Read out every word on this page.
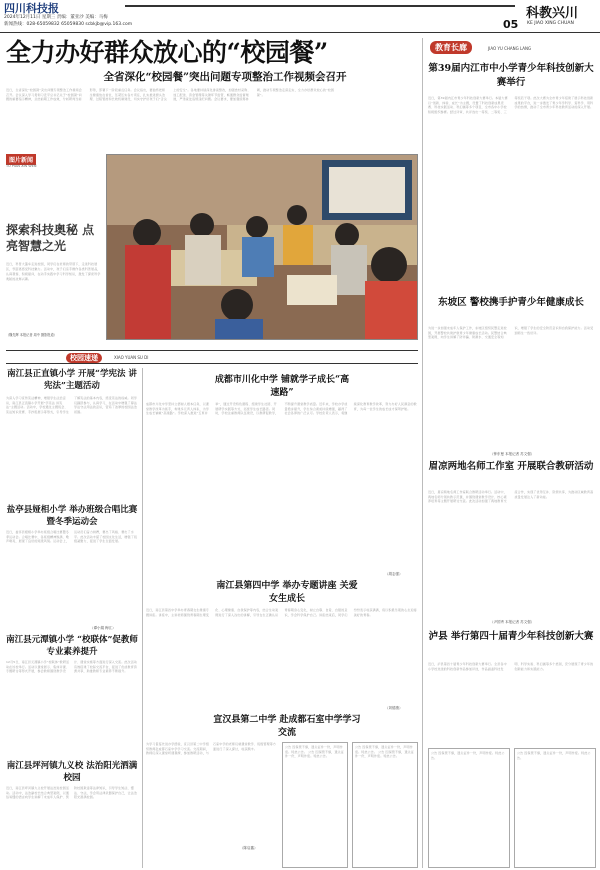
四川科技报
2024年12月11日 星期三 责编：董亚沙 美编：马梅
新闻热线：028-65059832 65059830 scbkjb@vip.163.com	05
科教兴川
KE JIAO XING CHUAN
全力办好群众放心的“校园餐”
全省深化“校园餐”突出问题专项整治工作视频会召开
近日，全省深化“校园餐”突出问题专项整治工作视频会召开。会议深入学习贯彻习近平总书记关于“校园餐”问题的重要指示精神，总结前期工作成效，分析研判当前形势，部署下一阶段重点任务。会议指出，要始终把师生健康放在首位，压紧压实各方责任，扎实推进源头治理、过程管控和长效机制建设，切实守护好孩子们“舌尖上的安全”。各地要持续深化排查整改，加强食材采购、加工配送、资金管理等关键环节监管，畅通群众监督渠道，严肃查处违规违纪问题。会议要求，要加强统筹协调，推动专项整治走深走实，全力办好群众放心的“校园餐”。
图片新闻
TU PIAN XIN WEN
探索科技奥秘 点亮智慧之光
近日，科普大篷车走进校园，同学们在老师的带领下，走进科技展区，零距离感受科技魅力。活动中，孩子们亲手操作各类科普展品，认真观察、积极提问，在动手实践中学习科学知识，激发了探索科学奥秘的浓厚兴趣。
（魏先辉 本报记者 周中 摄影报道）
校园速递	XIAO YUAN SU DI
南江县正直镇小学 开展“学宪法 讲宪法”主题活动
为深入学习宣传宪法精神，增强学生法治意识，南江县正直镇小学开展“学宪法 讲宪法”主题活动。活动中，学校通过主题班会、宪法知识竞赛、手抄报展示等形式，引导学生了解宪法的基本内容，感受宪法的权威。同学们踊跃参与，认真学习，在活动中增强了尊法学法守法用法的意识，营造了浓厚的校园法治氛围。
盐亭县娅相小学 举办班级合唱比赛暨冬季运动会
近日，盐亭县娅相小学举办班级合唱比赛暨冬季运动会。合唱比赛中，各班级精神饱满、歌声嘹亮，展现了良好的班级风貌。运动会上，运动员们奋力拼搏，赛出了风格、赛出了水平。此次活动丰富了校园文化生活，增强了班级凝聚力，促进了学生全面发展。
（谭小娟 梅江）
南江县元潭镇小学 “校联体”促教师专业素养提升
12月5日，南江县元潭镇小学“校联体”教研活动在该校举行。活动以课堂展示、集体评课、专题研讨等形式开展，参会教师围绕教学设计、课堂实施等方面进行深入交流。此次活动有效搭建了校际交流平台，促进了优质教育资源共享，助推教师专业素养不断提升。
南江县坪河镇九义校 法治阳光洒满校园
近日，南江县坪河镇九义校开展法治进校园活动。活动中，法治副校长结合典型案例，以通俗易懂的语言向学生讲解了未成年人保护、预防校园欺凌等法律知识，引导学生知法、懂法、守法，学会用法律武器保护自己，让法治阳光洒满校园。
成都市川化中学 铺就学子成长“高速路”
成都市川化中学坚持立德树人根本任务，以课堂教学改革为抓手，构建多元育人体系，为学生成长铺就“高速路”。学校深入推进“五育并举”，通过开设特色课程、组建学生社团、开展研学实践等方式，拓宽学生成长路径。同时，学校注重教师队伍建设，以教研促教学，不断提升课堂教学质量。近年来，学校办学质量稳步提升，学生综合素质持续增强，赢得了社会各界的广泛认可。学校负责人表示，将继续深化教育教学改革，努力办好人民满意的教育，为每一位学生的成长成才保驾护航。
（胡志强）
南江县第四中学 举办专题讲座 关爱女生成长
近日，南江县第四中学举办青春期女生健康专题讲座。讲座中，主讲老师围绕青春期生理变化、心理健康、自我保护等内容，结合生动案例进行了深入浅出的讲解，引导女生正确认识青春期身心变化，树立自尊、自爱、自强的意识，学会科学保护自己。讲座结束后，同学们纷纷表示收获满满，将以积极乐观的心态迎接美好的青春。
（刘德康）
宣汉县第二中学 赴成都石室中学学习交流
为学习借鉴先进办学经验，宣汉县第二中学组织教师赴成都石室中学学习交流。交流期间，教师们深入课堂听课观摩，参加教研活动，与石室中学的老师们就课堂教学、班级管理等方面进行了深入探讨，收获颇丰。
（陈启鑫）
公告 因保管不慎，遗失证件一份，声明作废。特此公告。 公告 因保管不慎，遗失证件一份，声明作废。特此公告。
公告 因保管不慎，遗失证件一份，声明作废。特此公告。 公告 因保管不慎，遗失证件一份，声明作废。特此公告。
教育长廊	JIAO YU CHANG LANG
第39届内江市中小学青少年科技创新大赛举行
近日，第39届内江市青少年科技创新大赛举行。本届大赛以“创新、体验、成长”为主题，设置了科技创新成果竞赛、科技实践活动、科幻画等多个项目，全市各中小学校积极组织参赛。经过评审，共评选出一等奖、二等奖、三等奖若干项。此次大赛为全市青少年搭建了展示科技创新成果的平台，进一步激发了青少年学科学、爱科学、用科学的热情，推动了全市青少年科技教育活动的深入开展。
东坡区 警校携手护青少年健康成长
为进一步加强未成年人保护工作，东坡区组织民警走进校园，开展警校共建护航青少年健康成长活动。民警结合典型案例，向学生讲解了防诈骗、防溺水、交通安全等知识，增强了学生的安全防范意识和自我保护能力。活动受到师生一致好评。
（钟东曼 本报记者 苏文强）
眉凉两地名师工作室 开展联合教研活动
近日，眉凉两地名师工作室联合教研活动举行。活动中，两地名师分别执教示范课，并围绕课堂教学设计、核心素养培育等主题开展研讨交流。此次活动加强了两地教育交流合作，实现了优势互补、资源共享，为推动区域教育高质量发展注入了新动能。
（尹国秀 本报记者 苏文强）
泸县 举行第四十届青少年科技创新大赛
近日，泸县第四十届青少年科技创新大赛举行。全县各中小学校选送的科技创新作品参加评选，作品涵盖科技发明、科学实验、科幻画等多个类别，充分展现了青少年的创新能力和实践能力。
公告 因保管不慎，遗失证件一份，声明作废。特此公告。
公告 因保管不慎，遗失证件一份，声明作废。特此公告。
